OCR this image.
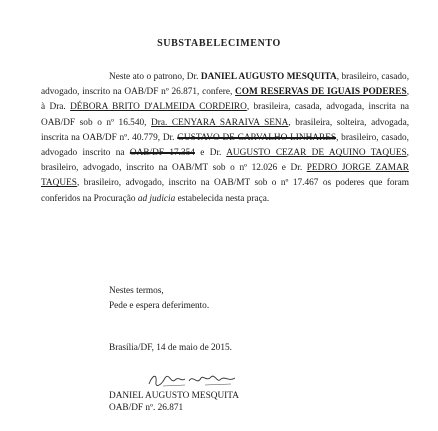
SUBSTABELECIMENTO

Neste ato o patrono, Dr. DANIEL AUGUSTO MESQUITA, brasileiro, casado, advogado, inscrito na OAB/DF nº 26.871, confere, COM RESERVAS DE IGUAIS PODERES, à Dra. DÉBORA BRITO D'ALMEIDA CORDEIRO, brasileira, casada, advogada, inscrita na OAB/DF sob o nº 16.540, Dra. CENYARA SARAIVA SENA, brasileira, solteira, advogada, inscrita na OAB/DF nº. 40.779, Dr. GUSTAVO DE CARVALHO LINHARES, brasileiro, casado, advogado inscrito na OAB/DF 17.354 e Dr. AUGUSTO CEZAR DE AQUINO TAQUES, brasileiro, advogado, inscrito na OAB/MT sob o nº 12.026 e Dr. PEDRO JORGE ZAMAR TAQUES, brasileiro, advogado, inscrito na OAB/MT sob o nº 17.467 os poderes que foram conferidos na Procuração ad judicia estabelecida nesta praça.

Nestes termos,
Pede e espera deferimento.
Brasília/DF, 14 de maio de 2015.
DANIEL AUGUSTO MESQUITA
OAB/DF nº. 26.871
